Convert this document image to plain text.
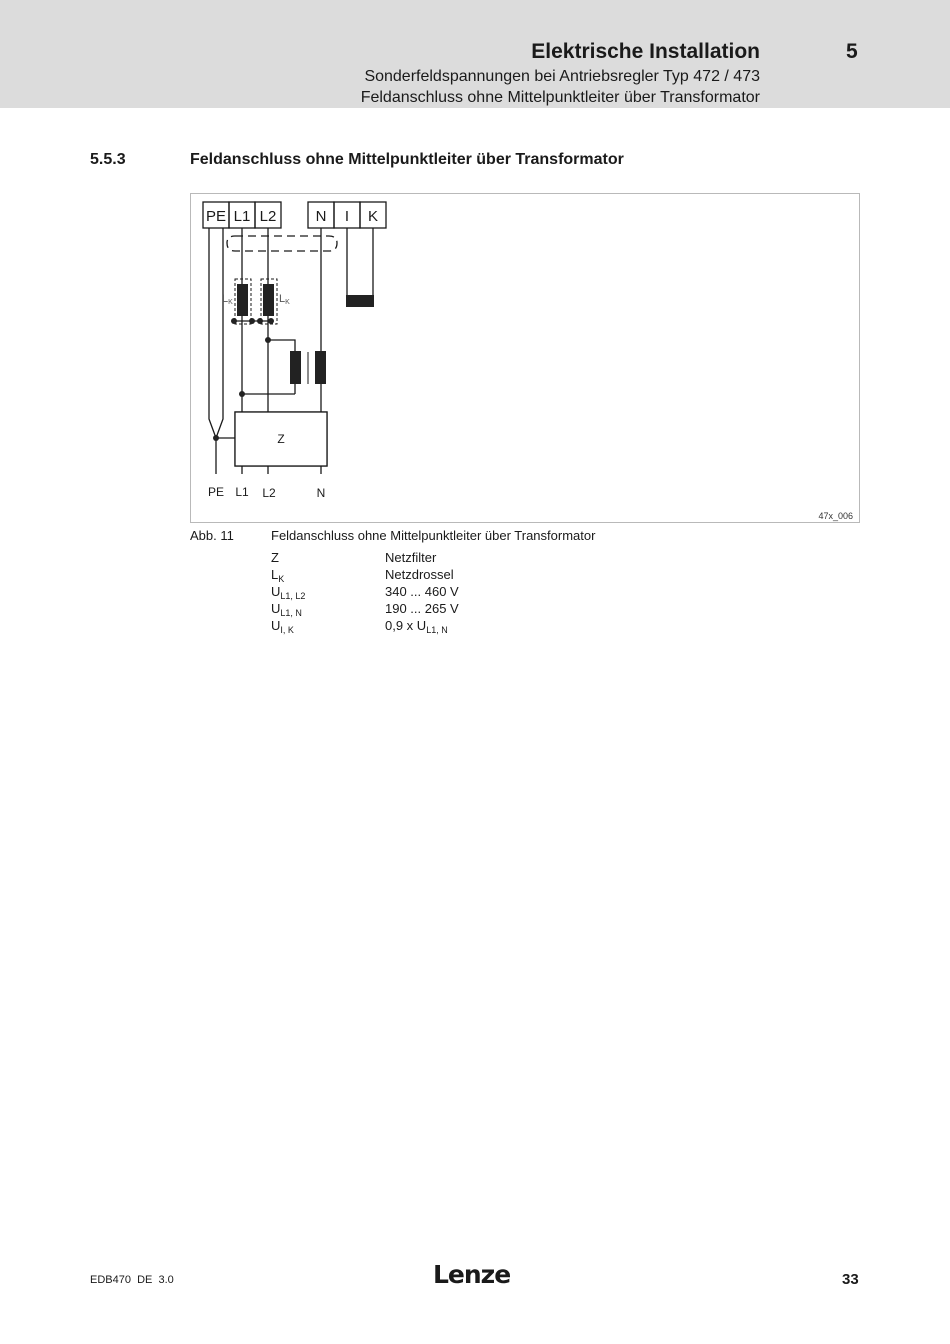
Elektrische Installation	5
Sonderfeldspannungen bei Antriebsregler Typ 472 / 473
Feldanschluss ohne Mittelpunktleiter über Transformator
5.5.3	Feldanschluss ohne Mittelpunktleiter über Transformator
PE L1 L2	N I K
LK	LK
Z
PE L1 L2	N
47x_006
Abb. 11	Feldanschluss ohne Mittelpunktleiter über Transformator
Z	Netzfilter
$L_K$	Netzdrossel
$U_{L1, L2}$	340 ... 460 V
$U_{L1, N}$	190 ... 265 V
$U_{I, K}$	0,9 x $U_{L1, N}$
EDB470  DE  3.0	Lenze	33
